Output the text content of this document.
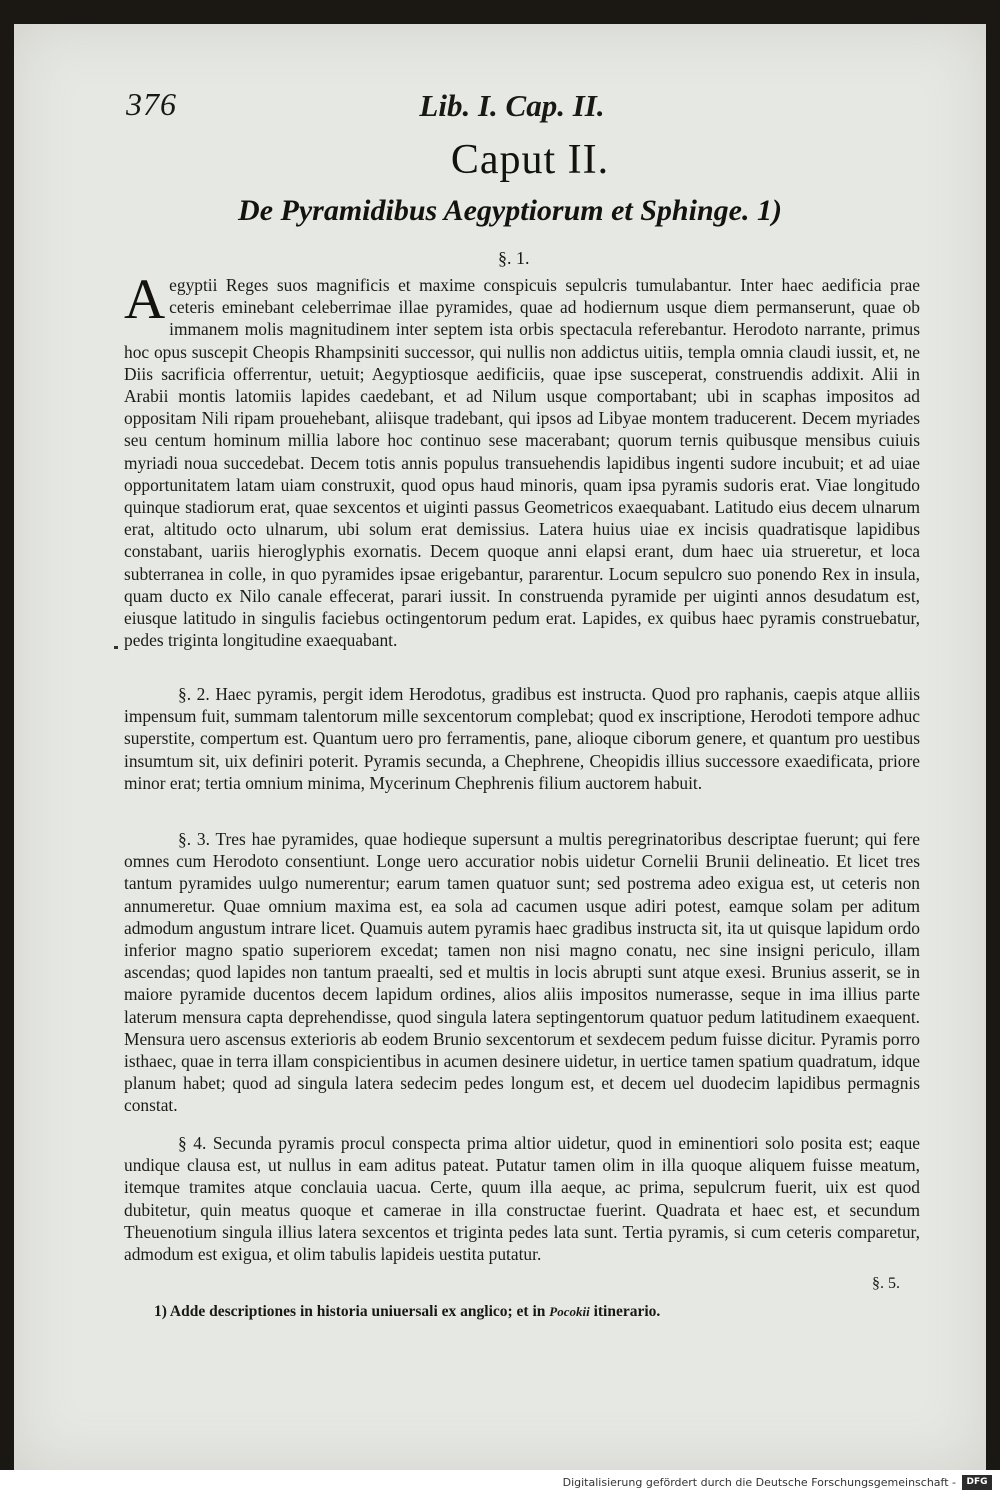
376	Lib. I. Cap. II.
Caput II.
De Pyramidibus Aegyptiorum et Sphinge. 1)
§. 1.
Aegyptii Reges suos magnificis et maxime conspicuis sepulcris tumulabantur. Inter haec aedificia prae ceteris eminebant celeberrimae illae pyramides, quae ad hodiernum usque diem permanserunt, quae ob immanem molis magnitudinem inter septem ista orbis spectacula referebantur. Herodoto narrante, primus hoc opus suscepit Cheopis Rhampsiniti successor, qui nullis non addictus uitiis, templa omnia claudi iussit, et, ne Diis sacrificia offerrentur, uetuit; Aegyptiosque aedificiis, quae ipse susceperat, construendis addixit. Alii in Arabii montis latomiis lapides caedebant, et ad Nilum usque comportabant; ubi in scaphas impositos ad oppositam Nili ripam prouehebant, aliisque tradebant, qui ipsos ad Libyae montem traducerent. Decem myriades seu centum hominum millia labore hoc continuo sese macerabant; quorum ternis quibusque mensibus cuiuis myriadi noua succedebat. Decem totis annis populus transuehendis lapidibus ingenti sudore incubuit; et ad uiae opportunitatem latam uiam construxit, quod opus haud minoris, quam ipsa pyramis sudoris erat. Viae longitudo quinque stadiorum erat, quae sexcentos et uiginti passus Geometricos exaequabant. Latitudo eius decem ulnarum erat, altitudo octo ulnarum, ubi solum erat demissius. Latera huius uiae ex incisis quadratisque lapidibus constabant, uariis hieroglyphis exornatis. Decem quoque anni elapsi erant, dum haec uia strueretur, et loca subterranea in colle, in quo pyramides ipsae erigebantur, pararentur. Locum sepulcro suo ponendo Rex in insula, quam ducto ex Nilo canale effecerat, parari iussit. In construenda pyramide per uiginti annos desudatum est, eiusque latitudo in singulis faciebus octingentorum pedum erat. Lapides, ex quibus haec pyramis construebatur, pedes triginta longitudine exaequabant.
§. 2. Haec pyramis, pergit idem Herodotus, gradibus est instructa. Quod pro raphanis, caepis atque alliis impensum fuit, summam talentorum mille sexcentorum complebat; quod ex inscriptione, Herodoti tempore adhuc superstite, compertum est. Quantum uero pro ferramentis, pane, alioque ciborum genere, et quantum pro uestibus insumtum sit, uix definiri poterit. Pyramis secunda, a Chephrene, Cheopidis illius successore exaedificata, priore minor erat; tertia omnium minima, Mycerinum Chephrenis filium auctorem habuit.
§. 3. Tres hae pyramides, quae hodieque supersunt a multis peregrinatoribus descriptae fuerunt; qui fere omnes cum Herodoto consentiunt. Longe uero accuratior nobis uidetur Cornelii Brunii delineatio. Et licet tres tantum pyramides uulgo numerentur; earum tamen quatuor sunt; sed postrema adeo exigua est, ut ceteris non annumeretur. Quae omnium maxima est, ea sola ad cacumen usque adiri potest, eamque solam per aditum admodum angustum intrare licet. Quamuis autem pyramis haec gradibus instructa sit, ita ut quisque lapidum ordo inferior magno spatio superiorem excedat; tamen non nisi magno conatu, nec sine insigni periculo, illam ascendas; quod lapides non tantum praealti, sed et multis in locis abrupti sunt atque exesi. Brunius asserit, se in maiore pyramide ducentos decem lapidum ordines, alios aliis impositos numerasse, seque in ima illius parte laterum mensura capta deprehendisse, quod singula latera septingentorum quatuor pedum latitudinem exaequent. Mensura uero ascensus exterioris ab eodem Brunio sexcentorum et sexdecem pedum fuisse dicitur. Pyramis porro isthaec, quae in terra illam conspicientibus in acumen desinere uidetur, in uertice tamen spatium quadratum, idque planum habet; quod ad singula latera sedecim pedes longum est, et decem uel duodecim lapidibus permagnis constat.
§ 4. Secunda pyramis procul conspecta prima altior uidetur, quod in eminentiori solo posita est; eaque undique clausa est, ut nullus in eam aditus pateat. Putatur tamen olim in illa quoque aliquem fuisse meatum, itemque tramites atque conclauia uacua. Certe, quum illa aeque, ac prima, sepulcrum fuerit, uix est quod dubitetur, quin meatus quoque et camerae in illa constructae fuerint. Quadrata et haec est, et secundum Theuenotium singula illius latera sexcentos et triginta pedes lata sunt. Tertia pyramis, si cum ceteris comparetur, admodum est exigua, et olim tabulis lapideis uestita putatur.
§. 5.
1) Adde descriptiones in historia uniuersali ex anglico; et in Pocokii itinerario.
Digitalisierung gefördert durch die Deutsche Forschungsgemeinschaft -	DFG
